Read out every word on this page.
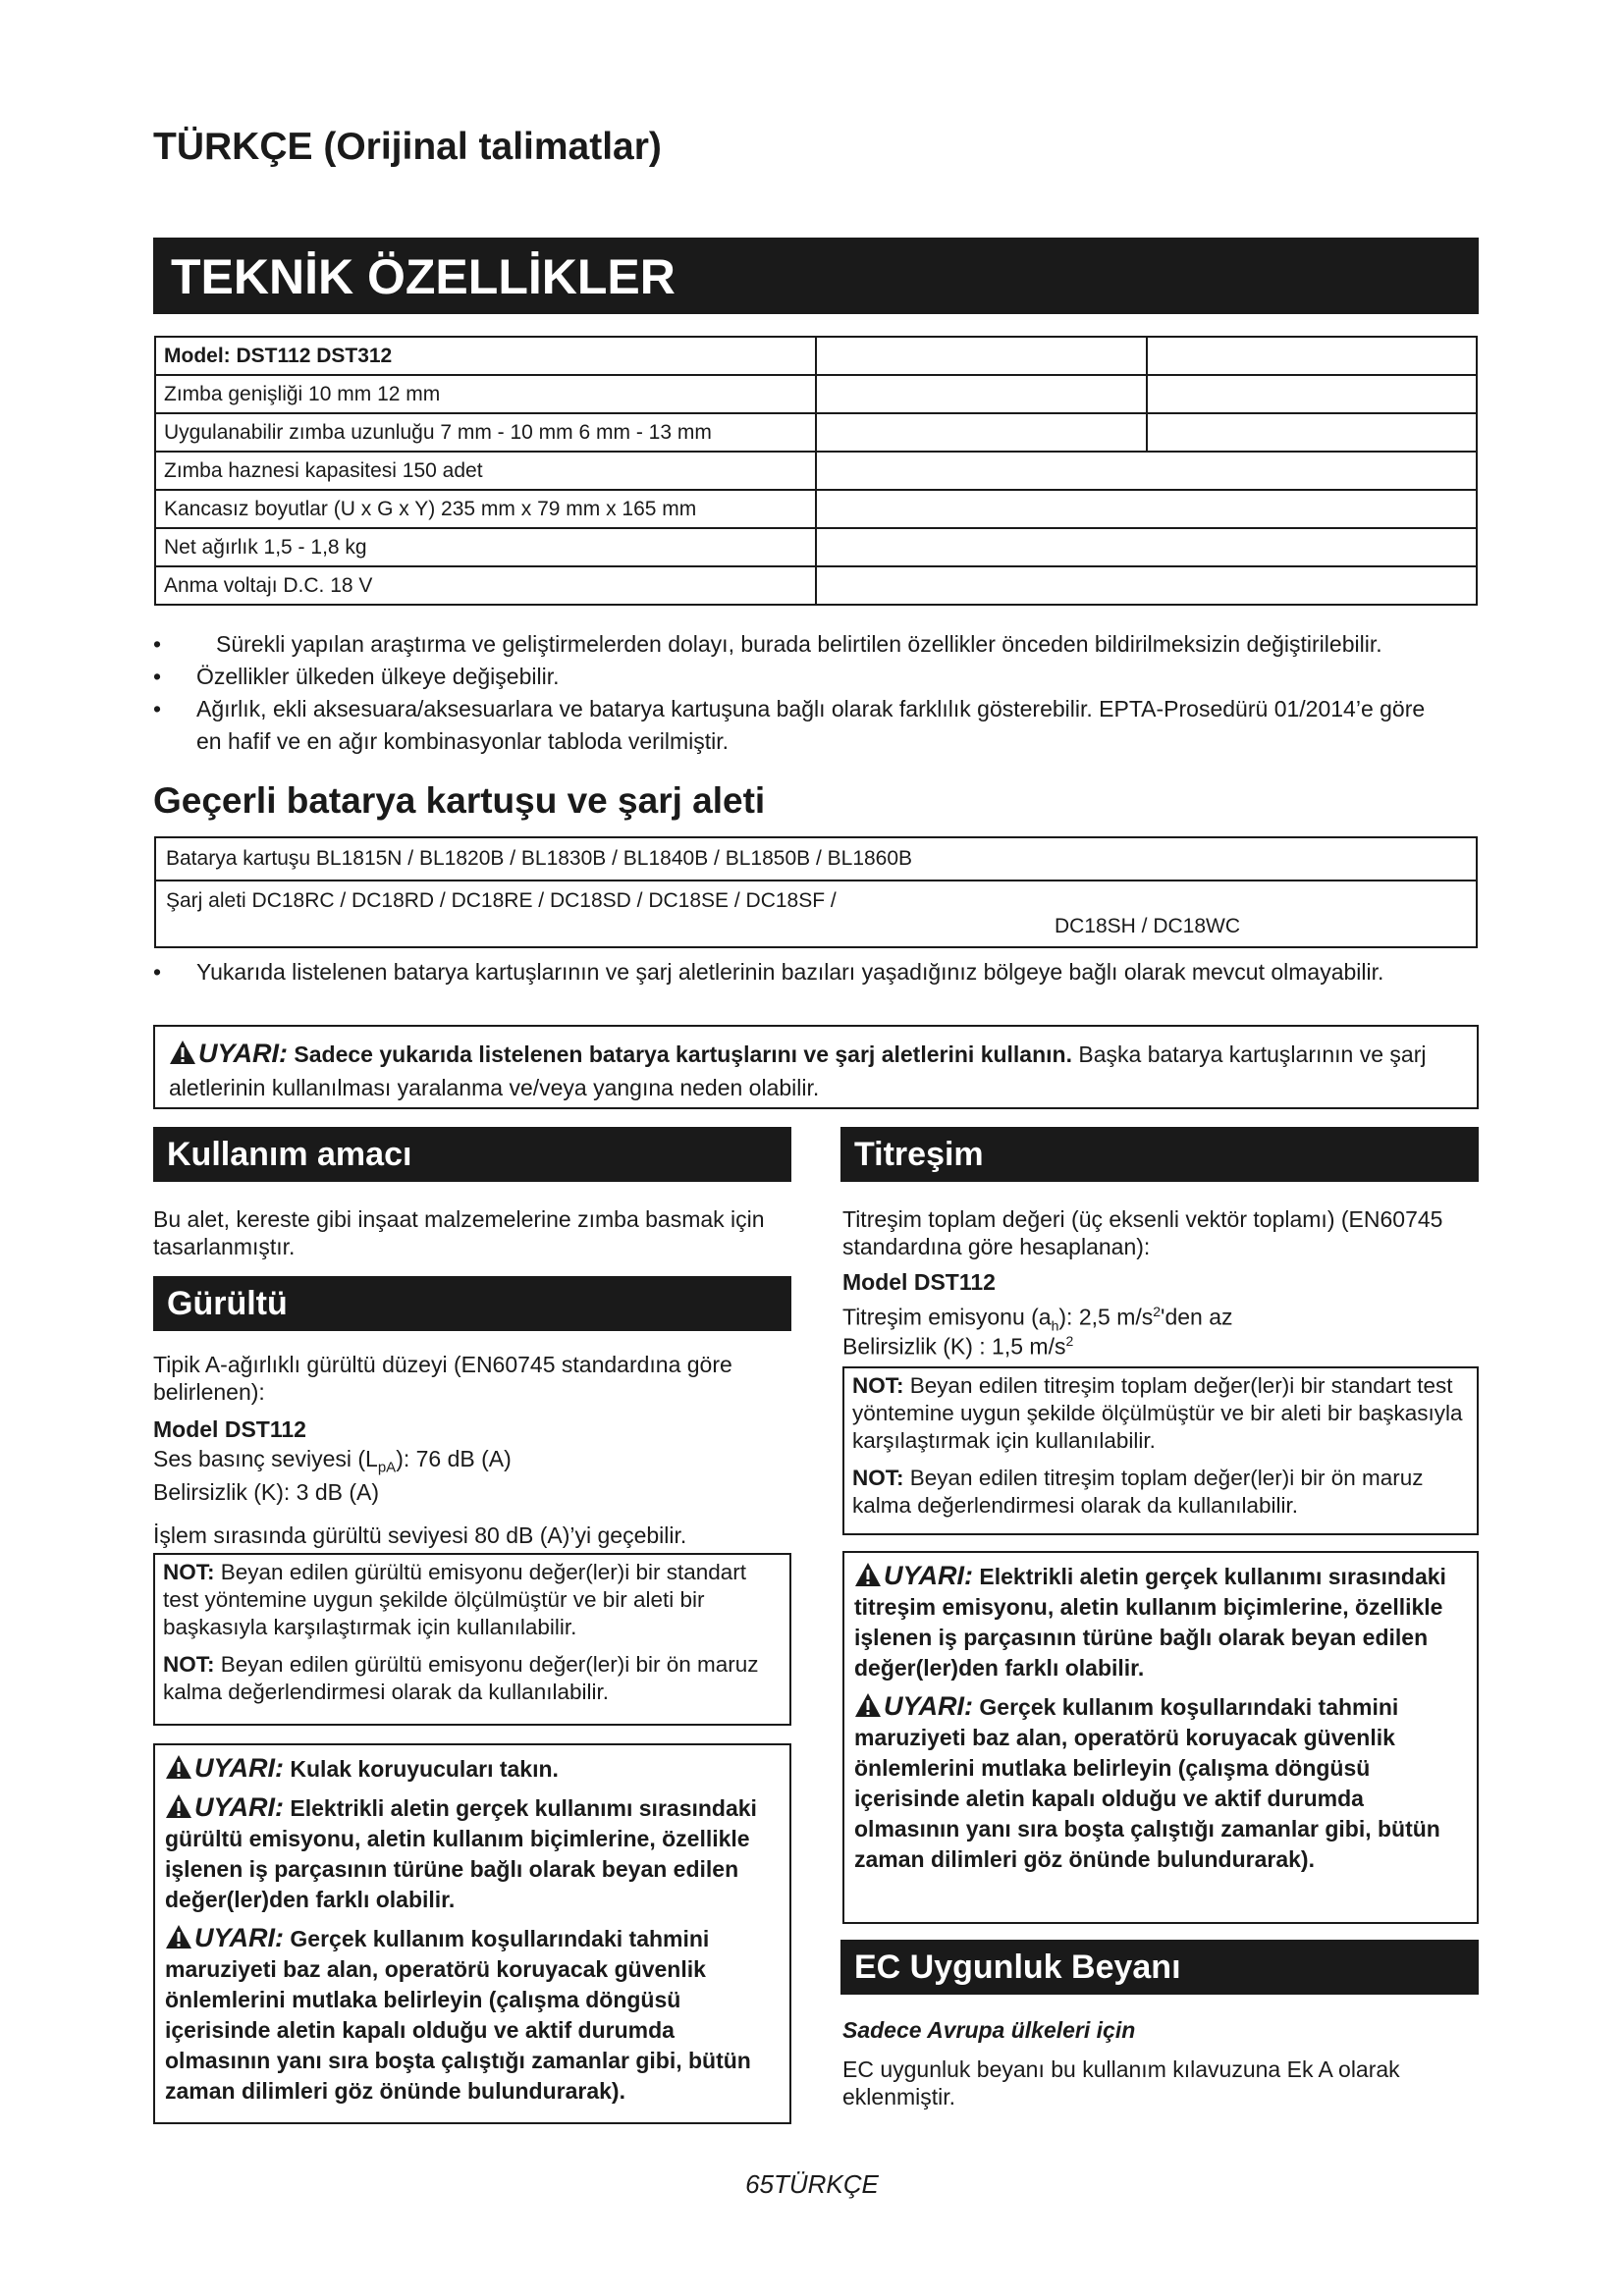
TÜRKÇE (Orijinal talimatlar)
TEKNİK ÖZELLİKLER
Model: DST112 DST312		
Zımba genişliği 10 mm 12 mm		
Uygulanabilir zımba uzunluğu 7 mm - 10 mm 6 mm - 13 mm		
Zımba haznesi kapasitesi 150 adet		
Kancasız boyutlar (U x G x Y) 235 mm x 79 mm x 165 mm		
Net ağırlık 1,5 - 1,8 kg		
Anma voltajı D.C. 18 V		
• Sürekli yapılan araştırma ve geliştirmelerden dolayı, burada belirtilen özellikler önceden bildirilmeksizin değiştirilebilir.
• Özellikler ülkeden ülkeye değişebilir.
• Ağırlık, ekli aksesuara/aksesuarlara ve batarya kartuşuna bağlı olarak farklılık gösterebilir. EPTA-Prosedürü 01/2014’e göre en hafif ve en ağır kombinasyonlar tabloda verilmiştir.
Geçerli batarya kartuşu ve şarj aleti
Batarya kartuşu BL1815N / BL1820B / BL1830B / BL1840B / BL1850B / BL1860B

Şarj aleti DC18RC / DC18RD / DC18RE / DC18SD / DC18SE / DC18SF /
DC18SH / DC18WC
• Yukarıda listelenen batarya kartuşlarının ve şarj aletlerinin bazıları yaşadığınız bölgeye bağlı olarak mevcut olmayabilir.
UYARI: Sadece yukarıda listelenen batarya kartuşlarını ve şarj aletlerini kullanın. Başka batarya kartuşlarının ve şarj aletlerinin kullanılması yaralanma ve/veya yangına neden olabilir.
Kullanım amacı
Bu alet, kereste gibi inşaat malzemelerine zımba basmak için tasarlanmıştır.
Gürültü
Tipik A-ağırlıklı gürültü düzeyi (EN60745 standardına göre belirlenen):
Model DST112
Ses basınç seviyesi $(L_{pA})$: 76 dB (A)
Belirsizlik (K): 3 dB (A)
İşlem sırasında gürültü seviyesi 80 dB (A)’yi geçebilir.

NOT: Beyan edilen gürültü emisyonu değer(ler)i bir standart test yöntemine uygun şekilde ölçülmüştür ve bir aleti bir başkasıyla karşılaştırmak için kullanılabilir.

NOT: Beyan edilen gürültü emisyonu değer(ler)i bir ön maruz kalma değerlendirmesi olarak da kullanılabilir.

UYARI: Kulak koruyucuları takın.

UYARI: Elektrikli aletin gerçek kullanımı sırasındaki gürültü emisyonu, aletin kullanım biçimlerine, özellikle işlenen iş parçasının türüne bağlı olarak beyan edilen değer(ler)den farklı olabilir.

UYARI: Gerçek kullanım koşullarındaki tahmini maruziyeti baz alan, operatörü koruyacak güvenlik önlemlerini mutlaka belirleyin (çalışma döngüsü içerisinde aletin kapalı olduğu ve aktif durumda olmasının yanı sıra boşta çalıştığı zamanlar gibi, bütün zaman dilimleri göz önünde bulundurarak).

Titreşim
Titreşim toplam değeri (üç eksenli vektör toplamı) (EN60745 standardına göre hesaplanan):
Model DST112
Titreşim emisyonu $(a_h)$: 2,5 $m/s^2'den$ az
Belirsizlik (K) : 1,5 $m/s^2$

NOT: Beyan edilen titreşim toplam değer(ler)i bir standart test yöntemine uygun şekilde ölçülmüştür ve bir aleti bir başkasıyla karşılaştırmak için kullanılabilir.

NOT: Beyan edilen titreşim toplam değer(ler)i bir ön maruz kalma değerlendirmesi olarak da kullanılabilir.

UYARI: Elektrikli aletin gerçek kullanımı sırasındaki titreşim emisyonu, aletin kullanım biçimlerine, özellikle işlenen iş parçasının türüne bağlı olarak beyan edilen değer(ler)den farklı olabilir.

UYARI: Gerçek kullanım koşullarındaki tahmini maruziyeti baz alan, operatörü koruyacak güvenlik önlemlerini mutlaka belirleyin (çalışma döngüsü içerisinde aletin kapalı olduğu ve aktif durumda olmasının yanı sıra boşta çalıştığı zamanlar gibi, bütün zaman dilimleri göz önünde bulundurarak).

EC Uygunluk Beyanı
Sadece Avrupa ülkeleri için
EC uygunluk beyanı bu kullanım kılavuzuna Ek A olarak eklenmiştir.
65TÜRKÇE
